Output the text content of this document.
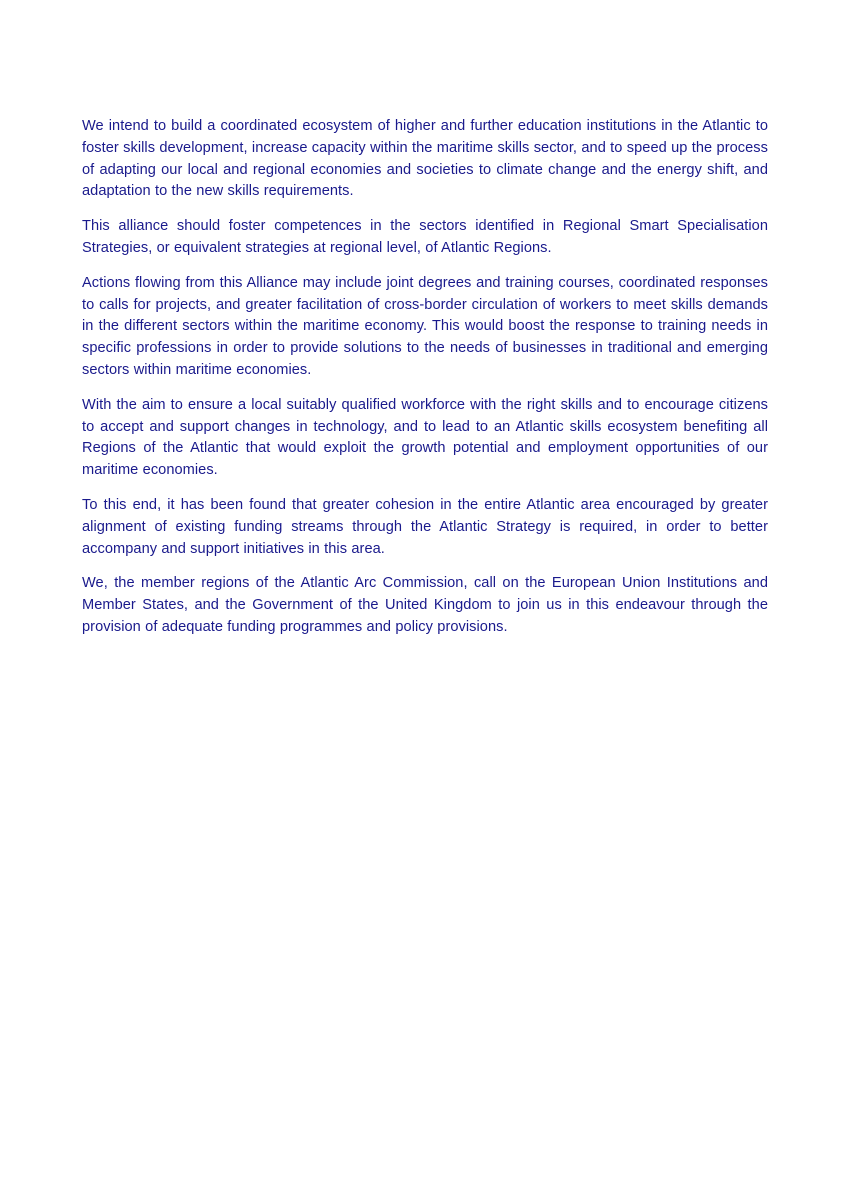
We intend to build a coordinated ecosystem of higher and further education institutions in the Atlantic to foster skills development, increase capacity within the maritime skills sector, and to speed up the process of adapting our local and regional economies and societies to climate change and the energy shift, and adaptation to the new skills requirements.

This alliance should foster competences in the sectors identified in Regional Smart Specialisation Strategies, or equivalent strategies at regional level, of Atlantic Regions.

Actions flowing from this Alliance may include joint degrees and training courses, coordinated responses to calls for projects, and greater facilitation of cross-border circulation of workers to meet skills demands in the different sectors within the maritime economy. This would boost the response to training needs in specific professions in order to provide solutions to the needs of businesses in traditional and emerging sectors within maritime economies.

With the aim to ensure a local suitably qualified workforce with the right skills and to encourage citizens to accept and support changes in technology, and to lead to an Atlantic skills ecosystem benefiting all Regions of the Atlantic that would exploit the growth potential and employment opportunities of our maritime economies.

To this end, it has been found that greater cohesion in the entire Atlantic area encouraged by greater alignment of existing funding streams through the Atlantic Strategy is required, in order to better accompany and support initiatives in this area.

We, the member regions of the Atlantic Arc Commission, call on the European Union Institutions and Member States, and the Government of the United Kingdom to join us in this endeavour through the provision of adequate funding programmes and policy provisions.
